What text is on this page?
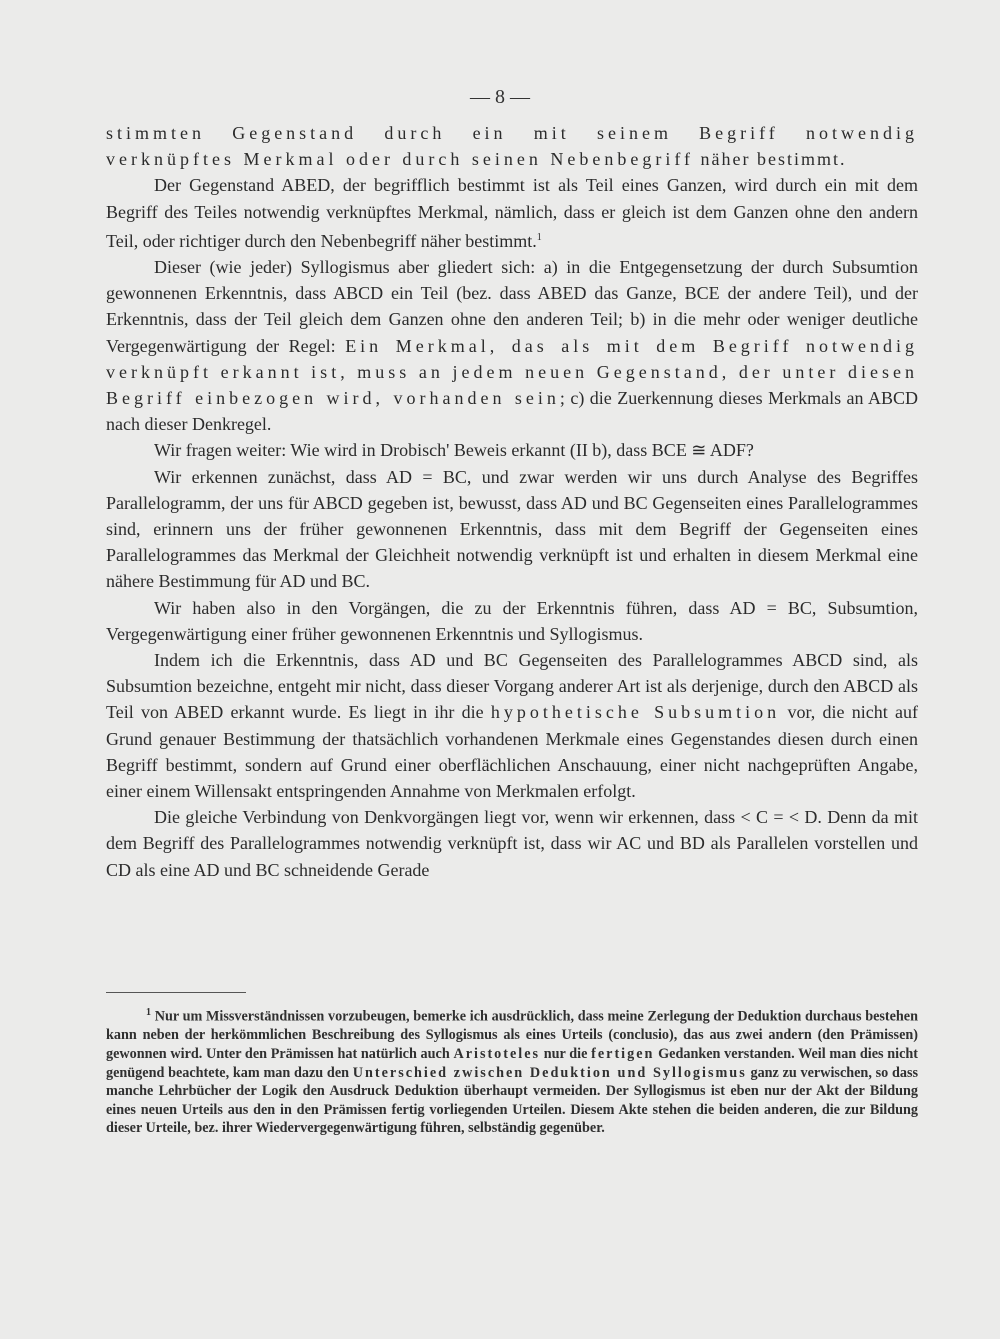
— 8 —

stimmten Gegenstand durch ein mit seinem Begriff notwendig verknüpftes Merkmal oder durch seinen Nebenbegriff näher bestimmt.

Der Gegenstand ABED, der begrifflich bestimmt ist als Teil eines Ganzen, wird durch ein mit dem Begriff des Teiles notwendig verknüpftes Merkmal, nämlich, dass er gleich ist dem Ganzen ohne den andern Teil, oder richtiger durch den Nebenbegriff näher bestimmt.$^1$

Dieser (wie jeder) Syllogismus aber gliedert sich: a) in die Entgegensetzung der durch Subsumtion gewonnenen Erkenntnis, dass ABCD ein Teil (bez. dass ABED das Ganze, BCE der andere Teil), und der Erkenntnis, dass der Teil gleich dem Ganzen ohne den anderen Teil; b) in die mehr oder weniger deutliche Vergegenwärtigung der Regel: Ein Merkmal, das als mit dem Begriff notwendig verknüpft erkannt ist, muss an jedem neuen Gegenstand, der unter diesen Begriff einbezogen wird, vorhanden sein; c) die Zuerkennung dieses Merkmals an ABCD nach dieser Denkregel.

Wir fragen weiter: Wie wird in Drobisch' Beweis erkannt (II b), dass BCE ≅ ADF?

Wir erkennen zunächst, dass AD = BC, und zwar werden wir uns durch Analyse des Begriffes Parallelogramm, der uns für ABCD gegeben ist, bewusst, dass AD und BC Gegenseiten eines Parallelogrammes sind, erinnern uns der früher gewonnenen Erkenntnis, dass mit dem Begriff der Gegenseiten eines Parallelogrammes das Merkmal der Gleichheit notwendig verknüpft ist und erhalten in diesem Merkmal eine nähere Bestimmung für AD und BC.

Wir haben also in den Vorgängen, die zu der Erkenntnis führen, dass AD = BC, Subsumtion, Vergegenwärtigung einer früher gewonnenen Erkenntnis und Syllogismus.

Indem ich die Erkenntnis, dass AD und BC Gegenseiten des Parallelogrammes ABCD sind, als Subsumtion bezeichne, entgeht mir nicht, dass dieser Vorgang anderer Art ist als derjenige, durch den ABCD als Teil von ABED erkannt wurde. Es liegt in ihr die hypothetische Subsumtion vor, die nicht auf Grund genauer Bestimmung der thatsächlich vorhandenen Merkmale eines Gegenstandes diesen durch einen Begriff bestimmt, sondern auf Grund einer oberflächlichen Anschauung, einer nicht nachgeprüften Angabe, einer einem Willensakt entspringenden Annahme von Merkmalen erfolgt.

Die gleiche Verbindung von Denkvorgängen liegt vor, wenn wir erkennen, dass < C = < D. Denn da mit dem Begriff des Parallelogrammes notwendig verknüpft ist, dass wir AC und BD als Parallelen vorstellen und CD als eine AD und BC schneidende Gerade

$^1$ Nur um Missverständnissen vorzubeugen, bemerke ich ausdrücklich, dass meine Zerlegung der Deduktion durchaus bestehen kann neben der herkömmlichen Beschreibung des Syllogismus als eines Urteils (conclusio), das aus zwei andern (den Prämissen) gewonnen wird. Unter den Prämissen hat natürlich auch Aristoteles nur die fertigen Gedanken verstanden. Weil man dies nicht genügend beachtete, kam man dazu den Unterschied zwischen Deduktion und Syllogismus ganz zu verwischen, so dass manche Lehrbücher der Logik den Ausdruck Deduktion überhaupt vermeiden. Der Syllogismus ist eben nur der Akt der Bildung eines neuen Urteils aus den in den Prämissen fertig vorliegenden Urteilen. Diesem Akte stehen die beiden anderen, die zur Bildung dieser Urteile, bez. ihrer Wiedervergegenwärtigung führen, selbständig gegenüber.
